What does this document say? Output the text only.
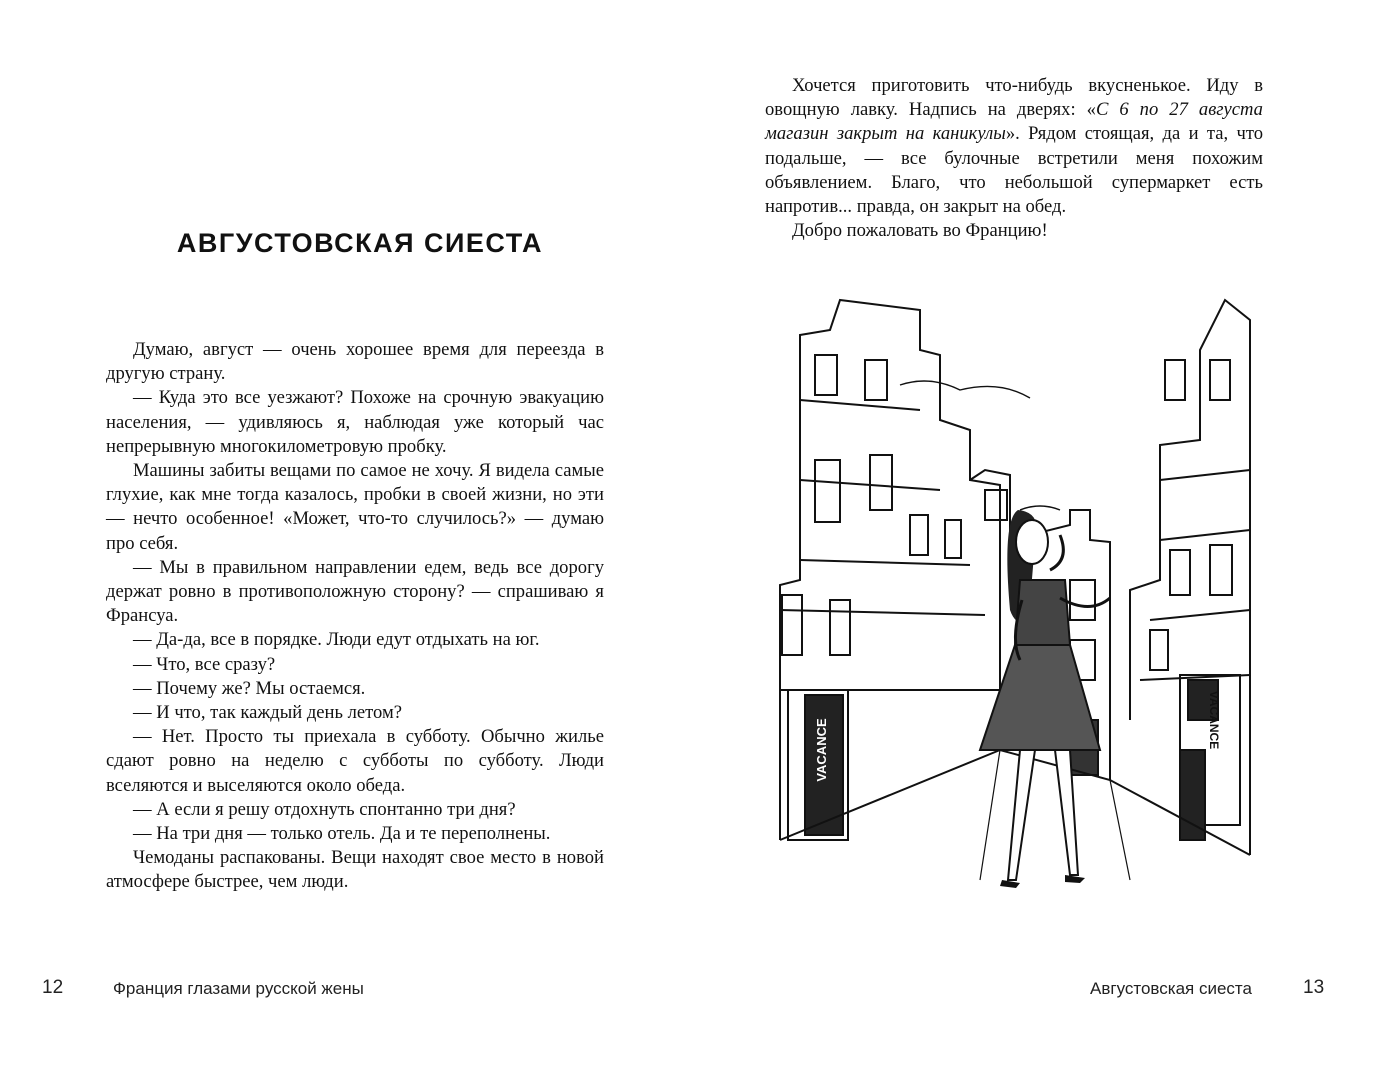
АВГУСТОВСКАЯ СИЕСТА

Думаю, август — очень хорошее время для переезда в другую страну.

— Куда это все уезжают? Похоже на срочную эвакуацию населения, — удивляюсь я, наблюдая уже который час непрерывную многокилометровую пробку.

Машины забиты вещами по самое не хочу. Я видела самые глухие, как мне тогда казалось, пробки в своей жизни, но эти — нечто особенное! «Может, что-то случилось?» — думаю про себя.

— Мы в правильном направлении едем, ведь все дорогу держат ровно в противоположную сторону? — спрашиваю я Франсуа.

— Да-да, все в порядке. Люди едут отдыхать на юг.

— Что, все сразу?

— Почему же? Мы остаемся.

— И что, так каждый день летом?

— Нет. Просто ты приехала в субботу. Обычно жилье сдают ровно на неделю с субботы по субботу. Люди вселяются и выселяются около обеда.

— А если я решу отдохнуть спонтанно три дня?

— На три дня — только отель. Да и те переполнены.

Чемоданы распакованы. Вещи находят свое место в новой атмосфере быстрее, чем люди.

12	Франция глазами русской жены

Хочется приготовить что-нибудь вкусненькое. Иду в овощную лавку. Надпись на дверях: «С 6 по 27 августа магазин закрыт на каникулы». Рядом стоящая, да и та, что подальше, — все булочные встретили меня похожим объявлением. Благо, что небольшой супермаркет есть напротив... правда, он закрыт на обед.

Добро пожаловать во Францию!

VACANCE	VACANCE
Августовская сиеста	13
